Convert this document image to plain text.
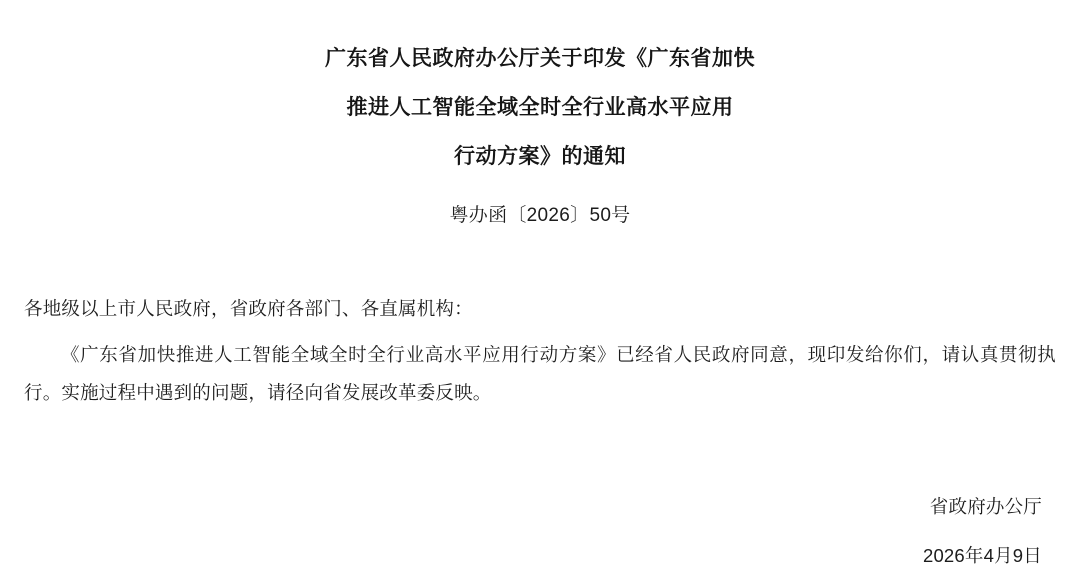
广东省人民政府办公厅关于印发《广东省加快
推进人工智能全域全时全行业高水平应用
行动方案》的通知
粤办函〔2026〕50号
各地级以上市人民政府，省政府各部门、各直属机构：
《广东省加快推进人工智能全域全时全行业高水平应用行动方案》已经省人民政府同意，现印发给你们，请认真贯彻执行。实施过程中遇到的问题，请径向省发展改革委反映。
省政府办公厅
2026年4月9日
